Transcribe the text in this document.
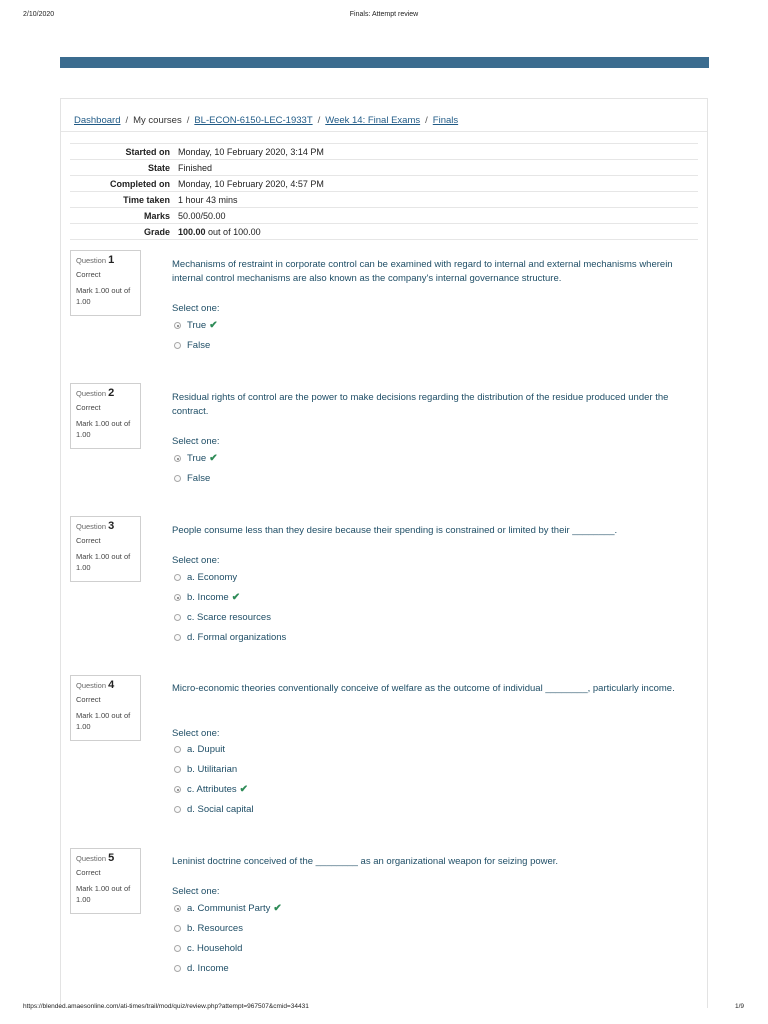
2/10/2020	Finals: Attempt review
Dashboard / My courses / BL-ECON-6150-LEC-1933T / Week 14: Final Exams / Finals
Started on	Monday, 10 February 2020, 3:14 PM
State	Finished
Completed on	Monday, 10 February 2020, 4:57 PM
Time taken	1 hour 43 mins
Marks	50.00/50.00
Grade	100.00 out of 100.00
Question 1
Correct
Mark 1.00 out of 1.00
Mechanisms of restraint in corporate control can be examined with regard to internal and external mechanisms wherein internal control mechanisms are also known as the company's internal governance structure.
Select one:
True ✔
False
Question 2
Correct
Mark 1.00 out of 1.00
Residual rights of control are the power to make decisions regarding the distribution of the residue produced under the contract.
Select one:
True ✔
False
Question 3
Correct
Mark 1.00 out of 1.00
People consume less than they desire because their spending is constrained or limited by their ________.
Select one:
a. Economy
b. Income ✔
c. Scarce resources
d. Formal organizations
Question 4
Correct
Mark 1.00 out of 1.00
Micro-economic theories conventionally conceive of welfare as the outcome of individual ________, particularly income.
Select one:
a. Dupuit
b. Utilitarian
c. Attributes ✔
d. Social capital
Question 5
Correct
Mark 1.00 out of 1.00
Leninist doctrine conceived of the ________ as an organizational weapon for seizing power.
Select one:
a. Communist Party ✔
b. Resources
c. Household
d. Income
https://blended.amaesonline.com/ati-times/trail/mod/quiz/review.php?attempt=967507&cmid=34431	1/9
